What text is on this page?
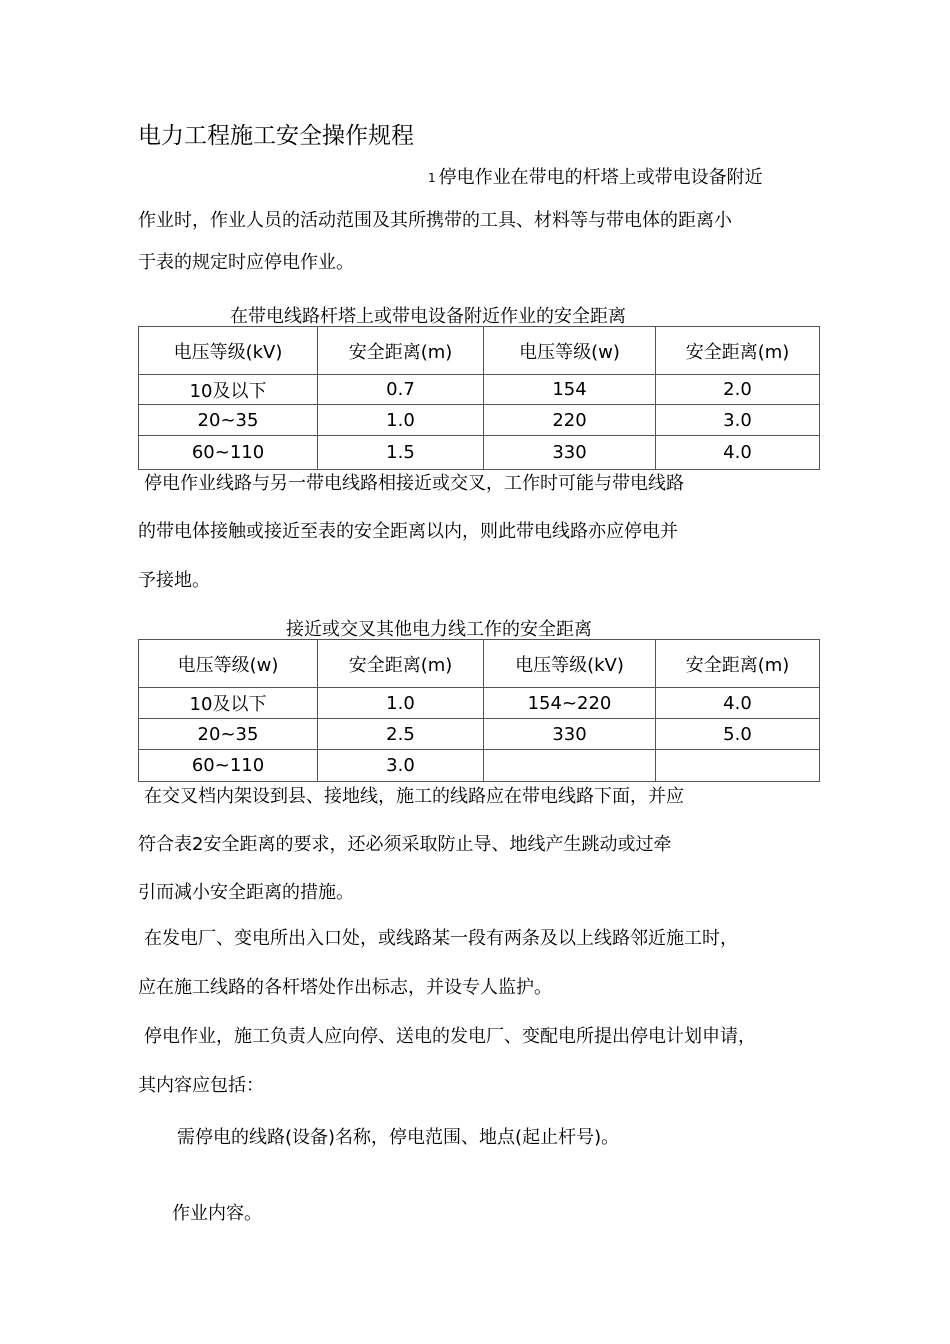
电力工程施工安全操作规程
1 停电作业在带电的杆塔上或带电设备附近
作业时，作业人员的活动范围及其所携带的工具、材料等与带电体的距离小
于表的规定时应停电作业。
在带电线路杆塔上或带电设备附近作业的安全距离
电压等级(kV)	安全距离(m)	电压等级(w)	安全距离(m)
10及以下	0.7	154	2.0
20~35	1.0	220	3.0
60~110	1.5	330	4.0
停电作业线路与另一带电线路相接近或交叉，工作时可能与带电线路
的带电体接触或接近至表的安全距离以内，则此带电线路亦应停电并
予接地。
接近或交叉其他电力线工作的安全距离
电压等级(w)	安全距离(m)	电压等级(kV)	安全距离(m)
10及以下	1.0	154~220	4.0
20~35	2.5	330	5.0
60~110	3.0		
在交叉档内架设到县、接地线，施工的线路应在带电线路下面，并应
符合表2安全距离的要求，还必须采取防止导、地线产生跳动或过牵
引而减小安全距离的措施。
在发电厂、变电所出入口处，或线路某一段有两条及以上线路邻近施工时，
应在施工线路的各杆塔处作出标志，并设专人监护。
停电作业，施工负责人应向停、送电的发电厂、变配电所提出停电计划申请，
其内容应包括：
需停电的线路(设备)名称，停电范围、地点(起止杆号)。
作业内容。
